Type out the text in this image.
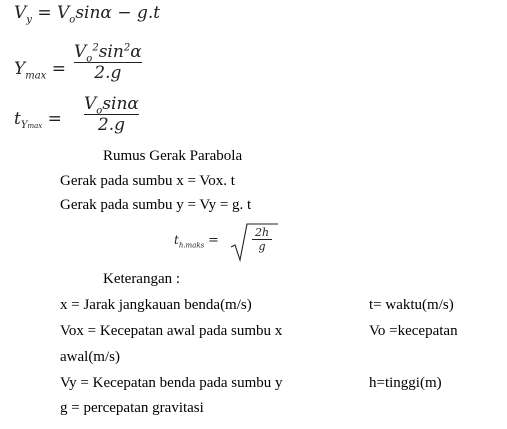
$V_y = V_o\sin\alpha - g.t$
$Y_{max}$ =
$V_o^2\sin^2\alpha$
2.g
$t_{Ymax}$ =
$V_o\sin\alpha$
2.g
Rumus Gerak Parabola
Gerak pada sumbu x = Vox. t
Gerak pada sumbu y = Vy = g. t
$t_{h.maks}$ =
2h
g
Keterangan :
x = Jarak jangkauan benda(m/s)	t= waktu(m/s)
Vox = Kecepatan awal pada sumbu x	Vo =kecepatan
awal(m/s)
Vy = Kecepatan benda pada sumbu y	h=tinggi(m)
g = percepatan gravitasi
